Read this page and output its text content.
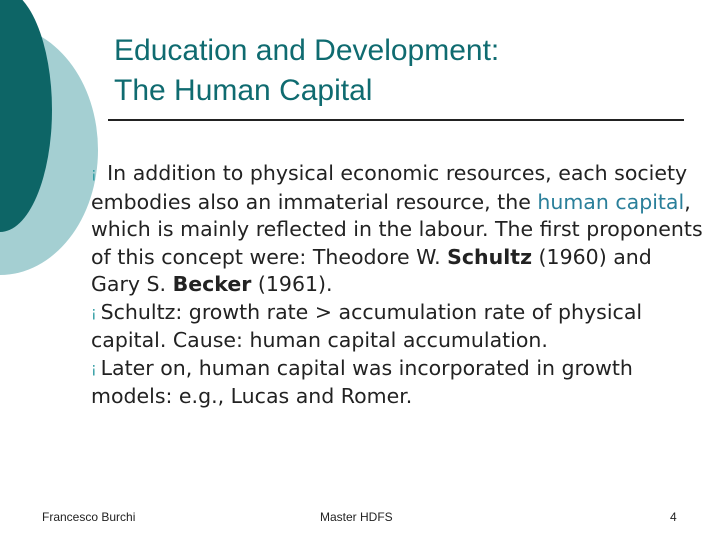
Education and Development:
The Human Capital
¡ In addition to physical economic resources, each society embodies also an immaterial resource, the human capital, which is mainly reflected in the labour. The first proponents of this concept were: Theodore W. Schultz (1960) and Gary S. Becker (1961).
¡ Schultz: growth rate > accumulation rate of physical capital. Cause: human capital accumulation.
¡ Later on, human capital was incorporated in growth models: e.g., Lucas and Romer.
Francesco Burchi	Master HDFS	4
